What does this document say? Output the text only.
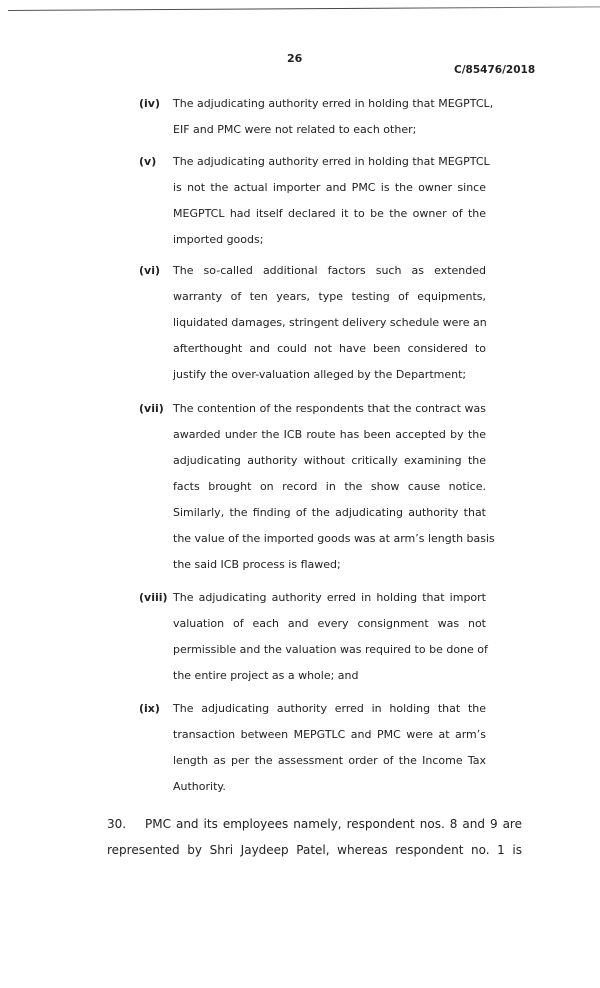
26
C/85476/2018
(iv) The adjudicating authority erred in holding that MEGPTCL,
EIF and PMC were not related to each other;
(v) The adjudicating authority erred in holding that MEGPTCL
is not the actual importer and PMC is the owner since
MEGPTCL had itself declared it to be the owner of the
imported goods;
(vi) The so-called additional factors such as extended
warranty of ten years, type testing of equipments,
liquidated damages, stringent delivery schedule were an
afterthought and could not have been considered to
justify the over-valuation alleged by the Department;
(vii) The contention of the respondents that the contract was
awarded under the ICB route has been accepted by the
adjudicating authority without critically examining the
facts brought on record in the show cause notice.
Similarly, the finding of the adjudicating authority that
the value of the imported goods was at arm’s length basis
the said ICB process is flawed;
(viii) The adjudicating authority erred in holding that import
valuation of each and every consignment was not
permissible and the valuation was required to be done of
the entire project as a whole; and
(ix) The adjudicating authority erred in holding that the
transaction between MEPGTLC and PMC were at arm’s
length as per the assessment order of the Income Tax
Authority.
30.	PMC and its employees namely, respondent nos. 8 and 9 are
represented by Shri Jaydeep Patel, whereas respondent no. 1 is
